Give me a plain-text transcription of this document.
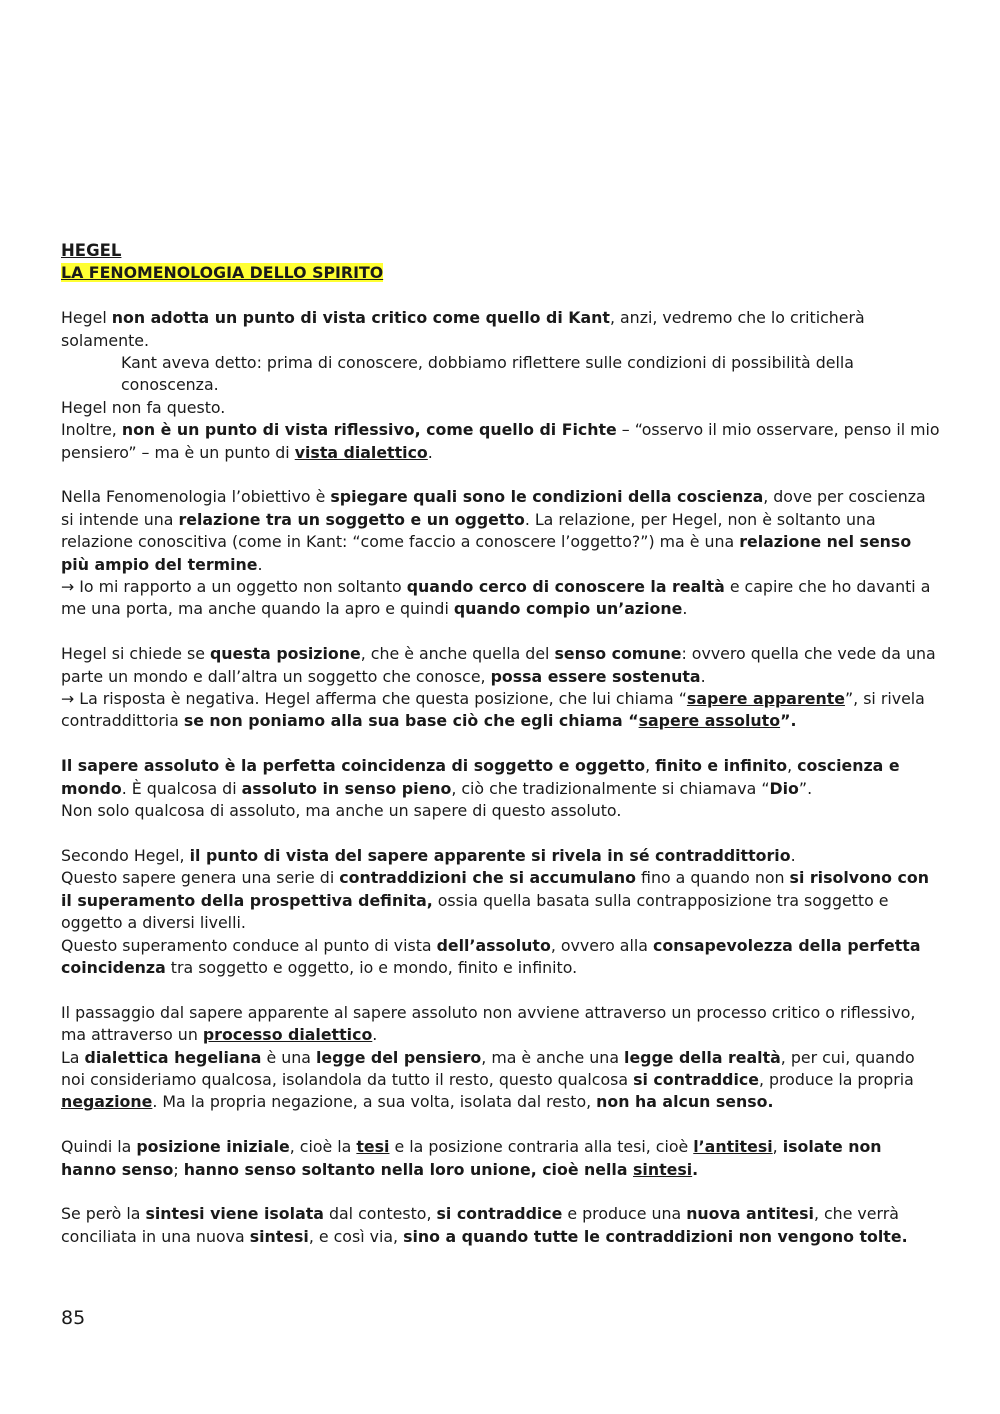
HEGEL

LA FENOMENOLOGIA DELLO SPIRITO

Hegel non adotta un punto di vista critico come quello di Kant, anzi, vedremo che lo criticherà solamente.

Kant aveva detto: prima di conoscere, dobbiamo riflettere sulle condizioni di possibilità della conoscenza.

Hegel non fa questo.

Inoltre, non è un punto di vista riflessivo, come quello di Fichte – “osservo il mio osservare, penso il mio pensiero” – ma è un punto di vista dialettico.

Nella Fenomenologia l’obiettivo è spiegare quali sono le condizioni della coscienza, dove per coscienza si intende una relazione tra un soggetto e un oggetto. La relazione, per Hegel, non è soltanto una relazione conoscitiva (come in Kant: “come faccio a conoscere l’oggetto?”) ma è una relazione nel senso più ampio del termine.

→ Io mi rapporto a un oggetto non soltanto quando cerco di conoscere la realtà e capire che ho davanti a me una porta, ma anche quando la apro e quindi quando compio un’azione.

Hegel si chiede se questa posizione, che è anche quella del senso comune: ovvero quella che vede da una parte un mondo e dall’altra un soggetto che conosce, possa essere sostenuta.

→ La risposta è negativa. Hegel afferma che questa posizione, che lui chiama “sapere apparente”, si rivela contraddittoria se non poniamo alla sua base ciò che egli chiama “sapere assoluto”.

Il sapere assoluto è la perfetta coincidenza di soggetto e oggetto, finito e infinito, coscienza e mondo. È qualcosa di assoluto in senso pieno, ciò che tradizionalmente si chiamava “Dio”.

Non solo qualcosa di assoluto, ma anche un sapere di questo assoluto.

Secondo Hegel, il punto di vista del sapere apparente si rivela in sé contraddittorio.

Questo sapere genera una serie di contraddizioni che si accumulano fino a quando non si risolvono con il superamento della prospettiva definita, ossia quella basata sulla contrapposizione tra soggetto e oggetto a diversi livelli.

Questo superamento conduce al punto di vista dell’assoluto, ovvero alla consapevolezza della perfetta coincidenza tra soggetto e oggetto, io e mondo, finito e infinito.

Il passaggio dal sapere apparente al sapere assoluto non avviene attraverso un processo critico o riflessivo, ma attraverso un processo dialettico.

La dialettica hegeliana è una legge del pensiero, ma è anche una legge della realtà, per cui, quando noi consideriamo qualcosa, isolandola da tutto il resto, questo qualcosa si contraddice, produce la propria negazione. Ma la propria negazione, a sua volta, isolata dal resto, non ha alcun senso.

Quindi la posizione iniziale, cioè la tesi e la posizione contraria alla tesi, cioè l’antitesi, isolate non hanno senso; hanno senso soltanto nella loro unione, cioè nella sintesi.

Se però la sintesi viene isolata dal contesto, si contraddice e produce una nuova antitesi, che verrà conciliata in una nuova sintesi, e così via, sino a quando tutte le contraddizioni non vengono tolte.

85
